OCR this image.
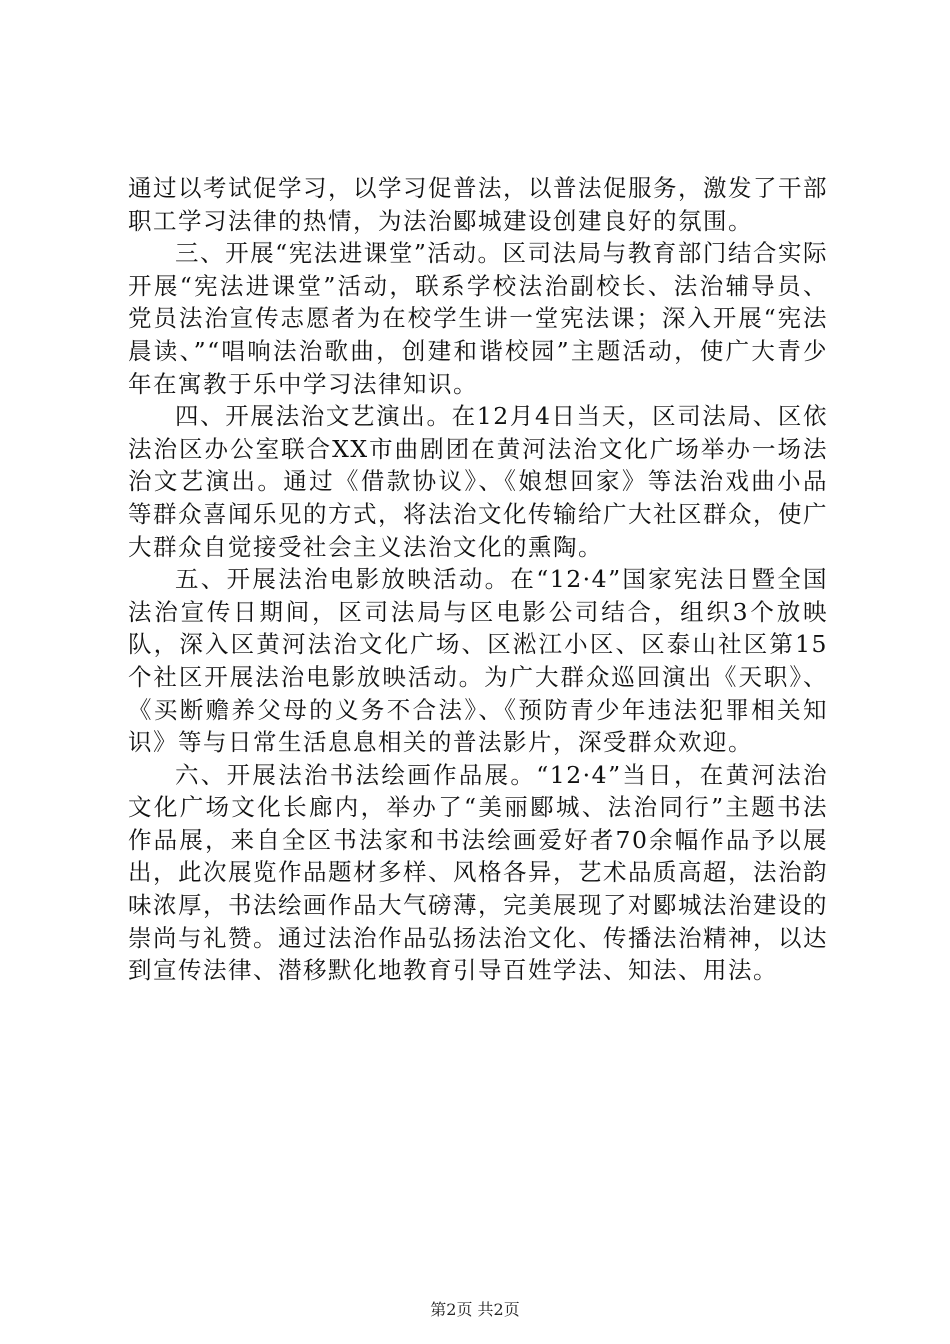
通过以考试促学习，以学习促普法，以普法促服务，激发了干部职工学习法律的热情，为法治郾城建设创建良好的氛围。

三、开展“宪法进课堂”活动。区司法局与教育部门结合实际开展“宪法进课堂”活动，联系学校法治副校长、法治辅导员、党员法治宣传志愿者为在校学生讲一堂宪法课；深入开展“宪法晨读、”“唱响法治歌曲，创建和谐校园”主题活动，使广大青少年在寓教于乐中学习法律知识。

四、开展法治文艺演出。在12月4日当天，区司法局、区依法治区办公室联合XX市曲剧团在黄河法治文化广场举办一场法治文艺演出。通过《借款协议》、《娘想回家》等法治戏曲小品等群众喜闻乐见的方式，将法治文化传输给广大社区群众，使广大群众自觉接受社会主义法治文化的熏陶。

五、开展法治电影放映活动。在“12·4”国家宪法日暨全国法治宣传日期间，区司法局与区电影公司结合，组织3个放映队，深入区黄河法治文化广场、区淞江小区、区泰山社区第15个社区开展法治电影放映活动。为广大群众巡回演出《天职》、《买断赡养父母的义务不合法》、《预防青少年违法犯罪相关知识》等与日常生活息息相关的普法影片，深受群众欢迎。

六、开展法治书法绘画作品展。“12·4”当日，在黄河法治文化广场文化长廊内，举办了“美丽郾城、法治同行”主题书法作品展，来自全区书法家和书法绘画爱好者70余幅作品予以展出，此次展览作品题材多样、风格各异，艺术品质高超，法治韵味浓厚，书法绘画作品大气磅薄，完美展现了对郾城法治建设的崇尚与礼赞。通过法治作品弘扬法治文化、传播法治精神，以达到宣传法律、潜移默化地教育引导百姓学法、知法、用法。

第2页 共2页
